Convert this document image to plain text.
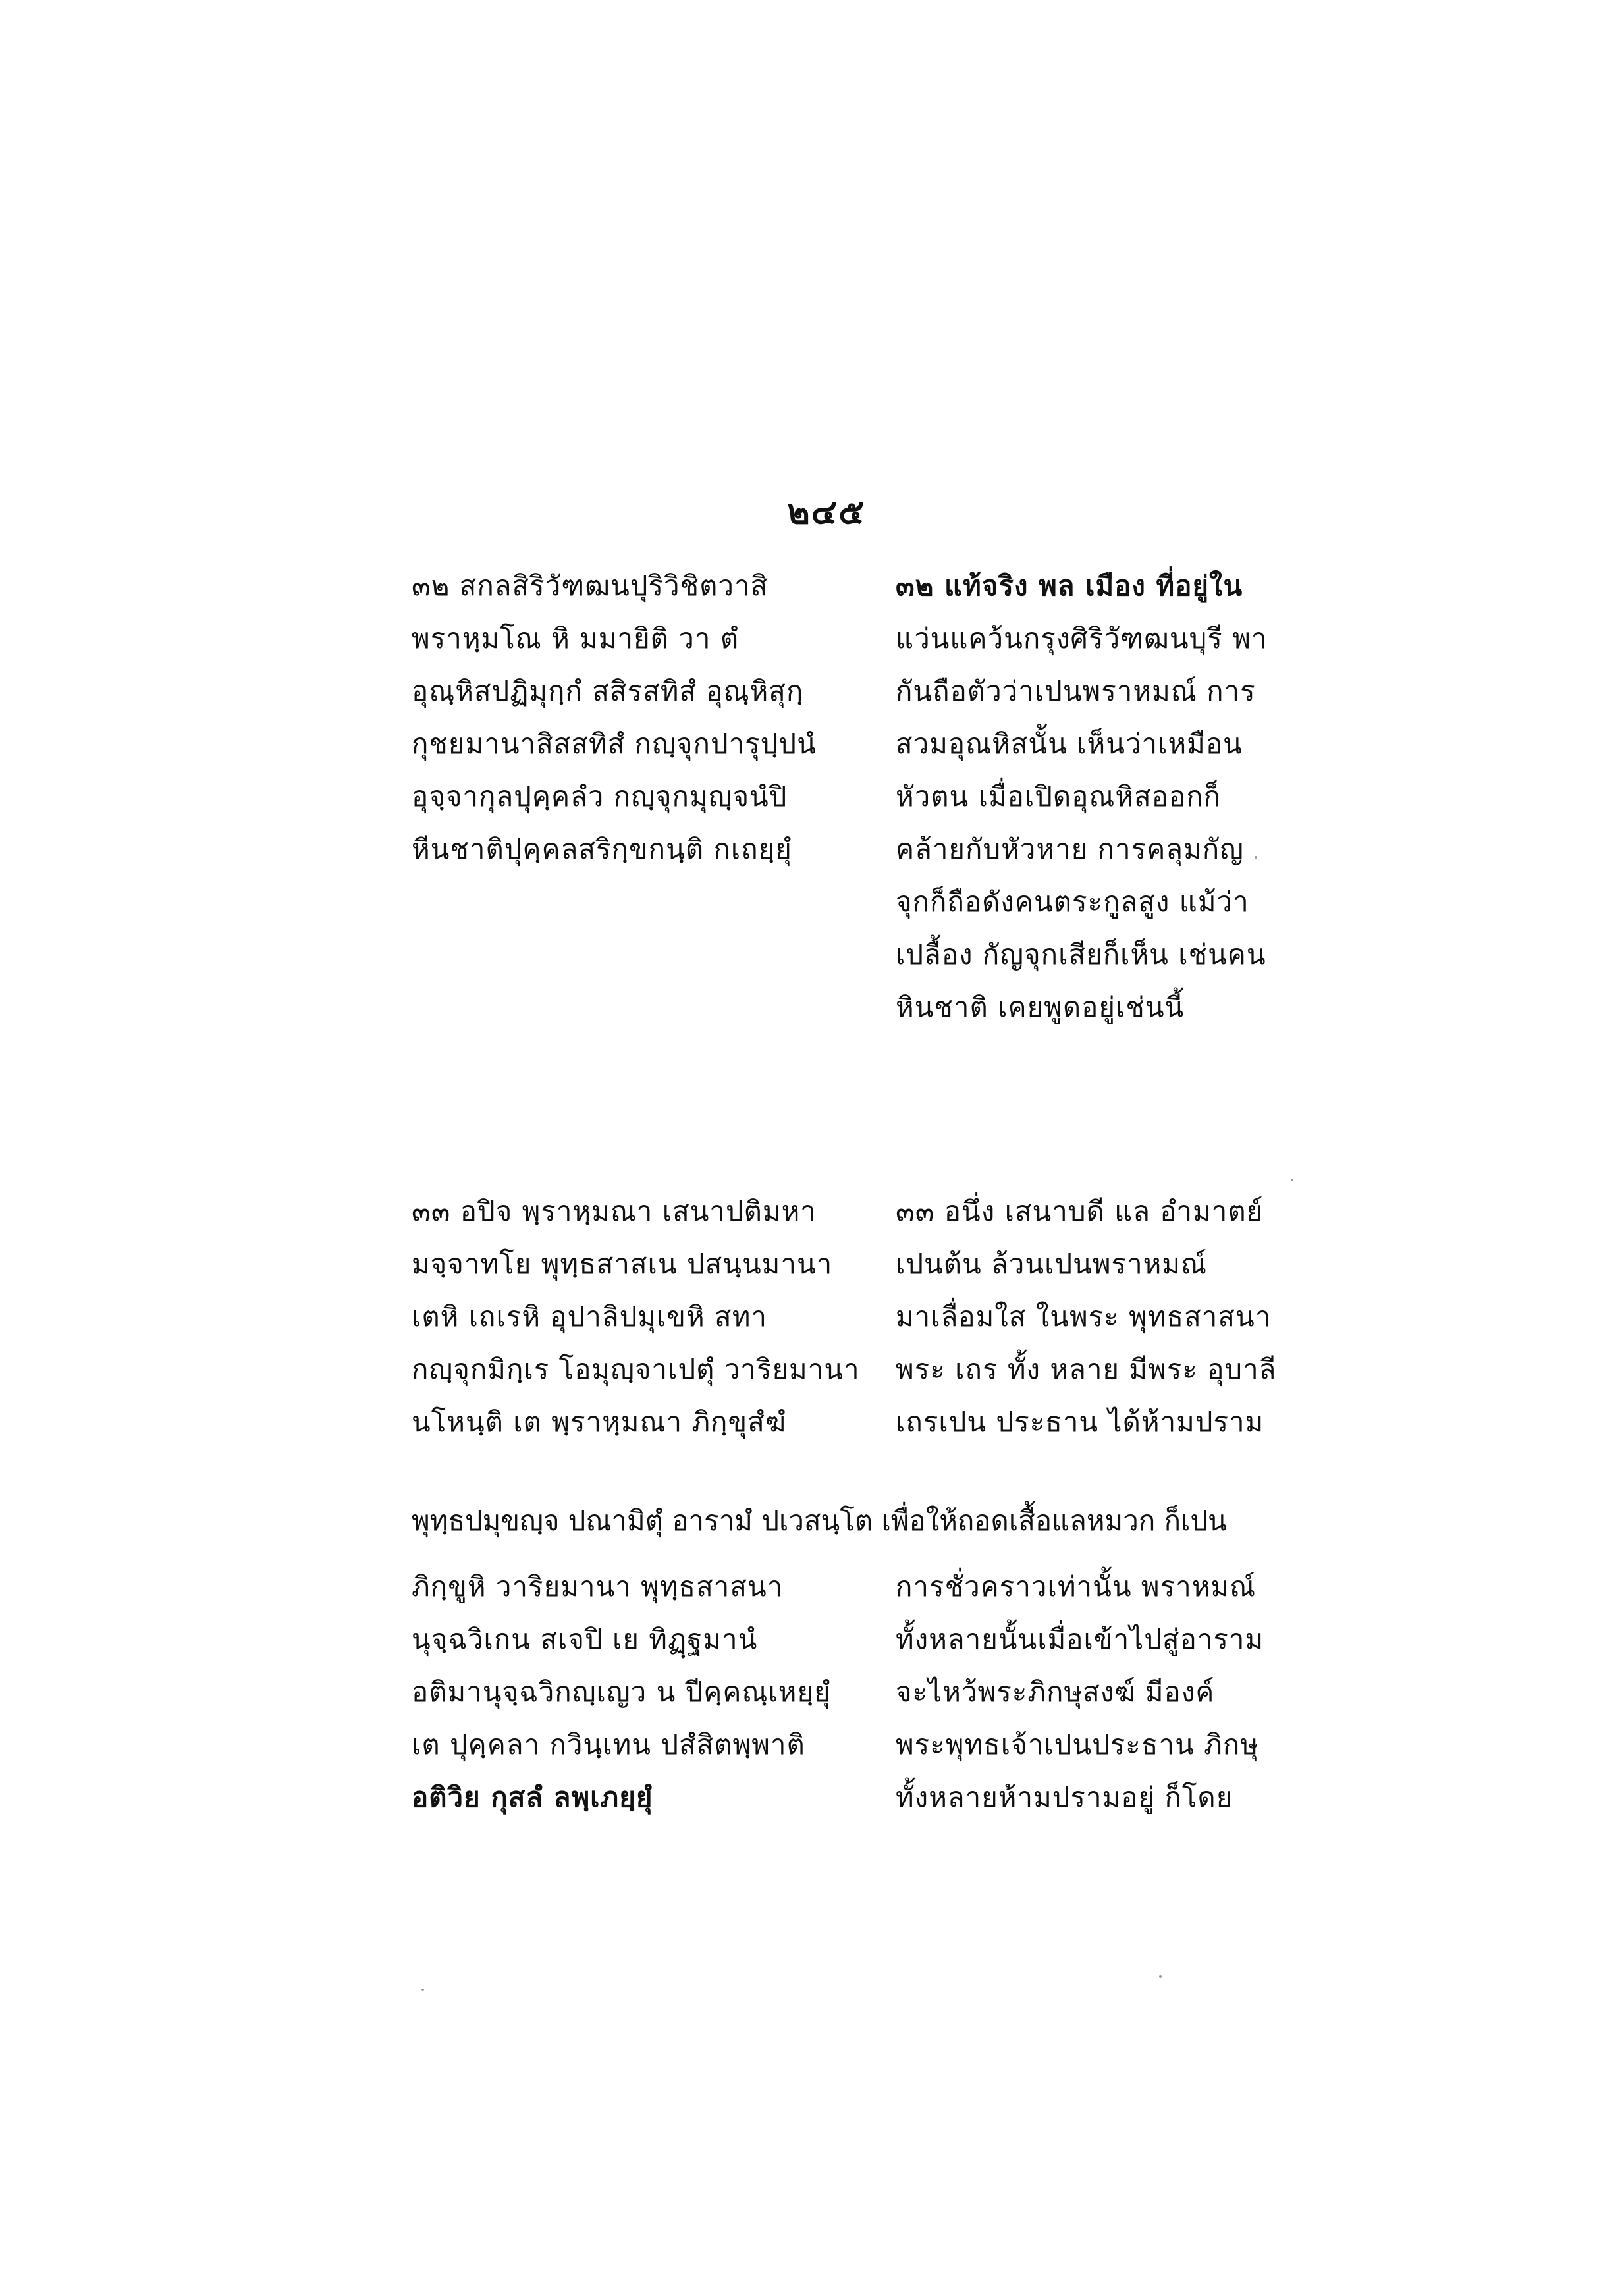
๒๔๕
๓๒ สกลสิริวัฑฒนปุริวิชิตวาสิ
พราหฺมโณ หิ มมายิติ วา ตํ
อุณฺหิสปฏิมุกฺกํ สสิรสทิสํ อุณฺหิสุกฺ
กุชยมานาสิสสทิสํ กญฺจุกปารุปฺปนํ
อุจฺจากุลปุคฺคลํว กญฺจุกมุญฺจนํปิ
หีนชาติปุคฺคลสริกฺขกนฺติ กเถยฺยุํ
๓๒ แท้จริง พล เมือง ที่อยู่ใน
แว่นแคว้นกรุงศิริวัฑฒนบุรี พา
กันถือตัวว่าเปนพราหมณ์ การ
สวมอุณหิสนั้น เห็นว่าเหมือน
หัวตน เมื่อเปิดอุณหิสออกก็
คล้ายกับหัวหาย การคลุมกัญ
จุกก็ถือดังคนตระกูลสูง แม้ว่า
เปลื้อง กัญจุกเสียก็เห็น เช่นคน
หินชาติ เคยพูดอยู่เช่นนี้
๓๓ อปิจ พฺราหฺมณา เสนาปติมหา
มจฺจาทโย พุทฺธสาสเน ปสนฺนมานา
เตหิ เถเรหิ อุปาลิปมุเขหิ สทา
กญฺจุกมิกฺเร โอมุญฺจาเปตุํ วาริยมานา
นโหนฺติ เต พฺราหฺมณา ภิกฺขุสํฆํ
๓๓ อนึ่ง เสนาบดี แล อำมาตย์
เปนต้น ล้วนเปนพราหมณ์
มาเลื่อมใส ในพระ พุทธสาสนา
พระ เถร ทั้ง หลาย มีพระ อุบาลี
เถรเปน ประธาน ได้ห้ามปราม
พุทฺธปมุขญฺจ ปณามิตุํ อารามํ ปเวสนฺโต เพื่อให้ถอดเสื้อแลหมวก ก็เปน
ภิกฺขูหิ วาริยมานา พุทฺธสาสนา
นุจฺฉวิเกน สเจปิ เย ทิฏฺฐมานํ
อติมานุจฺฉวิกญฺเญว น ปีคฺคณฺเหยฺยุํ
เต ปุคฺคลา กวินฺเทน ปสํสิตพฺพาติ
อติวิย กุสลํ ลพฺเภยฺยุํ
การชั่วคราวเท่านั้น พราหมณ์
ทั้งหลายนั้นเมื่อเข้าไปสู่อาราม
จะไหว้พระภิกษุสงฆ์ มีองค์
พระพุทธเจ้าเปนประธาน ภิกษุ
ทั้งหลายห้ามปรามอยู่ ก็โดย
